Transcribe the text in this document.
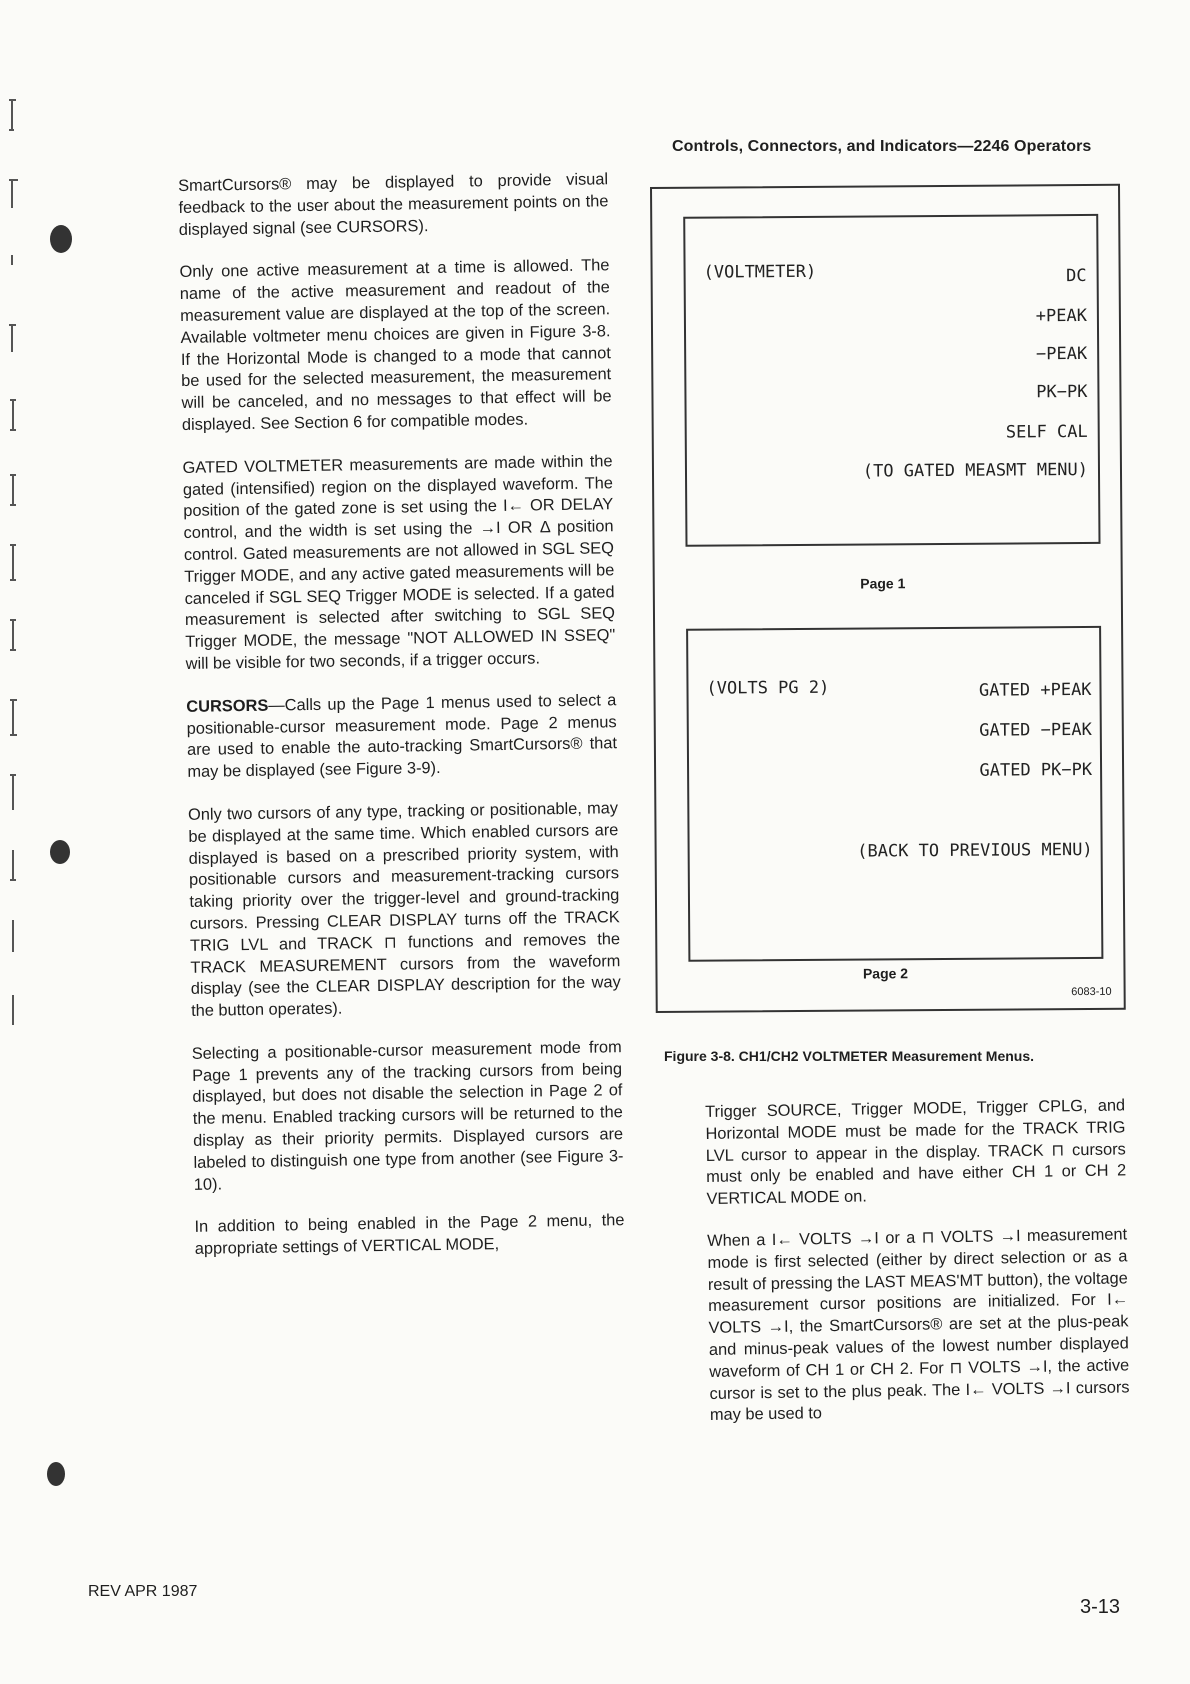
Controls, Connectors, and Indicators—2246 Operators

SmartCursors® may be displayed to provide visual feedback to the user about the measurement points on the displayed signal (see CURSORS).

Only one active measurement at a time is allowed. The name of the active measurement and readout of the measurement value are displayed at the top of the screen. Available voltmeter menu choices are given in Figure 3-8. If the Horizontal Mode is changed to a mode that cannot be used for the selected measurement, the measurement will be canceled, and no messages to that effect will be displayed. See Section 6 for compatible modes.

GATED VOLTMETER measurements are made within the gated (intensified) region on the displayed waveform. The position of the gated zone is set using the I← OR DELAY control, and the width is set using the →I OR Δ position control. Gated measurements are not allowed in SGL SEQ Trigger MODE, and any active gated measurements will be canceled if SGL SEQ Trigger MODE is selected. If a gated measurement is selected after switching to SGL SEQ Trigger MODE, the message "NOT ALLOWED IN SSEQ" will be visible for two seconds, if a trigger occurs.

CURSORS—Calls up the Page 1 menus used to select a positionable-cursor measurement mode. Page 2 menus are used to enable the auto-tracking SmartCursors® that may be displayed (see Figure 3-9).

Only two cursors of any type, tracking or positionable, may be displayed at the same time. Which enabled cursors are displayed is based on a prescribed priority system, with positionable cursors and measurement-tracking cursors taking priority over the trigger-level and ground-tracking cursors. Pressing CLEAR DISPLAY turns off the TRACK TRIG LVL and TRACK ⊓ functions and removes the TRACK MEASUREMENT cursors from the waveform display (see the CLEAR DISPLAY description for the way the button operates).

Selecting a positionable-cursor measurement mode from Page 1 prevents any of the tracking cursors from being displayed, but does not disable the selection in Page 2 of the menu. Enabled tracking cursors will be returned to the display as their priority permits. Displayed cursors are labeled to distinguish one type from another (see Figure 3-10).

In addition to being enabled in the Page 2 menu, the appropriate settings of VERTICAL MODE,

(VOLTMETER)	DC
+PEAK
−PEAK
PK−PK
SELF CAL
(TO GATED MEASMT MENU)
Page 1
(VOLTS PG 2)	GATED +PEAK
GATED −PEAK
GATED PK−PK
(BACK TO PREVIOUS MENU)
Page 2
6083-10
Figure 3-8. CH1/CH2 VOLTMETER Measurement Menus.

Trigger SOURCE, Trigger MODE, Trigger CPLG, and Horizontal MODE must be made for the TRACK TRIG LVL cursor to appear in the display. TRACK ⊓ cursors must only be enabled and have either CH 1 or CH 2 VERTICAL MODE on.

When a I← VOLTS →I or a ⊓ VOLTS →I measurement mode is first selected (either by direct selection or as a result of pressing the LAST MEAS'MT button), the voltage measurement cursor positions are initialized. For I← VOLTS →I, the SmartCursors® are set at the plus-peak and minus-peak values of the lowest number displayed waveform of CH 1 or CH 2. For ⊓ VOLTS →I, the active cursor is set to the plus peak. The I← VOLTS →I cursors may be used to

REV APR 1987
3-13
